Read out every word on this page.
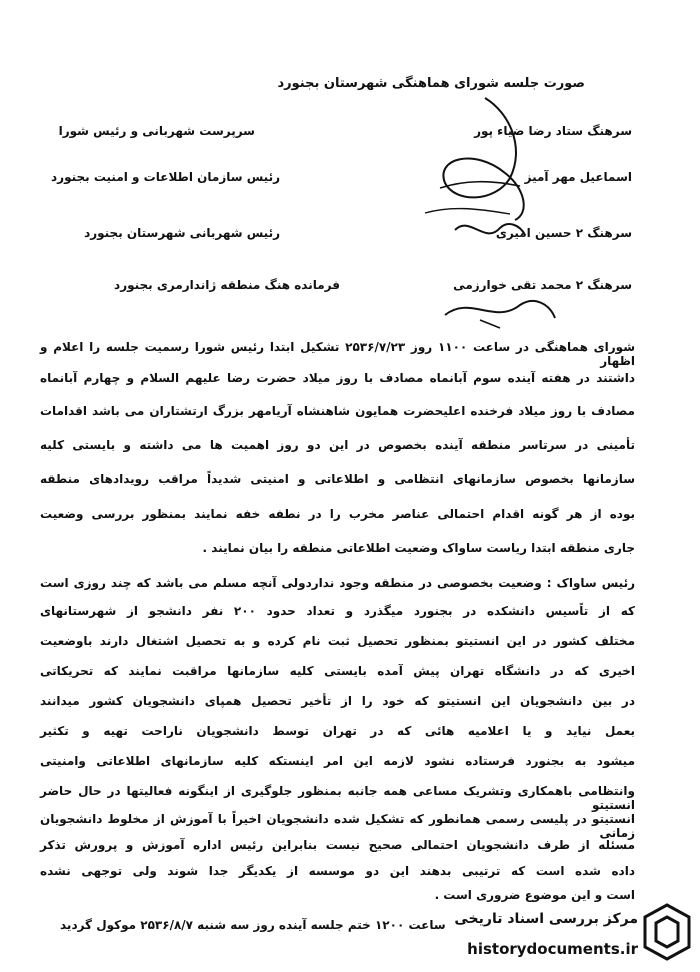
صورت جلسه شورای هماهنگی شهرستان بجنورد
سرهنگ ستاد رضا ضیاء پور
سرپرست شهربانی و رئیس شورا
اسماعیل مهر آمیز
رئیس سازمان اطلاعات و امنیت بجنورد
سرهنگ ۲ حسین امیری
رئیس شهربانی شهرستان بجنورد
سرهنگ ۲ محمد تقی خوارزمی
فرمانده هنگ منطقه ژاندارمری بجنورد
شورای هماهنگی در ساعت ۱۱۰۰ روز ۲۵۳۶/۷/۲۳ تشکیل ابتدا رئیس شورا رسمیت جلسه را اعلام و اظهار
داشتند در هفته آینده سوم آبانماه مصادف با روز میلاد حضرت رضا علیهم السلام و چهارم آبانماه
مصادف با روز میلاد فرخنده اعلیحضرت همایون شاهنشاه آریامهر بزرگ ارتشتاران می باشد اقدامات
تأمینی در سرتاسر منطقه آینده بخصوص در این دو روز اهمیت ها می داشته و بایستی کلیه
سازمانها بخصوص سازمانهای انتظامی و اطلاعاتی و امنیتی شدیداً مراقب رویدادهای منطقه
بوده از هر گونه اقدام احتمالی عناصر مخرب را در نطفه خفه نمایند بمنظور بررسی وضعیت
جاری منطقه ابتدا ریاست ساواک وضعیت اطلاعاتی منطقه را بیان نمایند .
رئیس ساواک : وضعیت بخصوصی در منطقه وجود نداردولی آنچه مسلم می باشد که چند روزی است
که از تاًسیس دانشکده در بجنورد میگذرد و تعداد حدود ۲۰۰ نفر دانشجو از شهرستانهای
مختلف کشور در این انستیتو بمنظور تحصیل ثبت نام کرده و به تحصیل اشتغال دارند باوضعیت
اخیری که در دانشگاه تهران پیش آمده بایستی کلیه سازمانها مراقبت نمایند که تحریکاتی
در بین دانشجویان این انستیتو که خود را از تأخیر تحصیل همپای دانشجویان کشور میدانند
بعمل نیاید و یا اعلامیه هائی که در تهران توسط دانشجویان ناراحت تهیه و تکثیر
میشود به بجنورد فرستاده نشود لازمه این امر اینستکه کلیه سازمانهای اطلاعاتی وامنیتی
وانتظامی باهمکاری وتشریک مساعی همه جانبه بمنظور جلوگیری از اینگونه فعالیتها در حال حاضر انستیتو
انستیتو در پلیسی رسمی همانطور که تشکیل شده دانشجویان اخیراً با آموزش از مخلوط دانشجویان زمانی
مسئله از طرف دانشجویان احتمالی صحیح نیست بنابراین رئیس اداره آموزش و پرورش تذکر
داده شده است که ترتیبی بدهند این دو موسسه از یکدیگر جدا شوند ولی توجهی نشده
است و این موضوع ضروری است .
ساعت ۱۲۰۰ ختم جلسه آینده روز سه شنبه ۲۵۳۶/۸/۷ موکول گردید مرکز بررسی اسناد تاریخی
historydocuments.ir
